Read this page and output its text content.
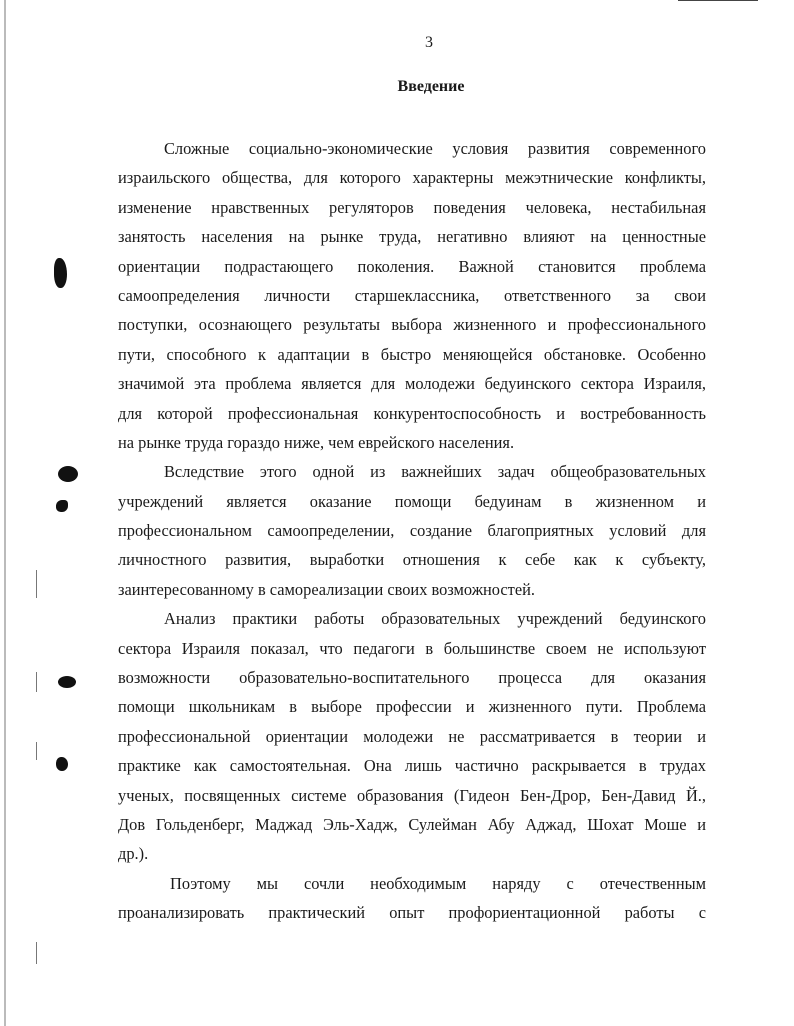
3
Введение
Сложные социально-экономические условия развития современного
израильского общества, для которого характерны межэтнические конфликты,
изменение нравственных регуляторов поведения человека, нестабильная
занятость населения на рынке труда, негативно влияют на ценностные
ориентации подрастающего поколения. Важной становится проблема
самоопределения личности старшеклассника, ответственного за свои
поступки, осознающего результаты выбора жизненного и профессионального
пути, способного к адаптации в быстро меняющейся обстановке. Особенно
значимой эта проблема является для молодежи бедуинского сектора Израиля,
для которой профессиональная конкурентоспособность и востребованность
на рынке труда гораздо ниже, чем еврейского населения.
Вследствие этого одной из важнейших задач общеобразовательных
учреждений является оказание помощи бедуинам в жизненном и
профессиональном самоопределении, создание благоприятных условий для
личностного развития, выработки отношения к себе как к субъекту,
заинтересованному в самореализации своих возможностей.
Анализ практики работы образовательных учреждений бедуинского
сектора Израиля показал, что педагоги в большинстве своем не используют
возможности образовательно-воспитательного процесса для оказания
помощи школьникам в выборе профессии и жизненного пути. Проблема
профессиональной ориентации молодежи не рассматривается в теории и
практике как самостоятельная. Она лишь частично раскрывается в трудах
ученых, посвященных системе образования (Гидеон Бен-Дрор, Бен-Давид Й.,
Дов Гольденберг, Маджад Эль-Хадж, Сулейман Абу Аджад, Шохат Моше и
др.).
Поэтому мы сочли необходимым наряду с отечественным
проанализировать практический опыт профориентационной работы с
